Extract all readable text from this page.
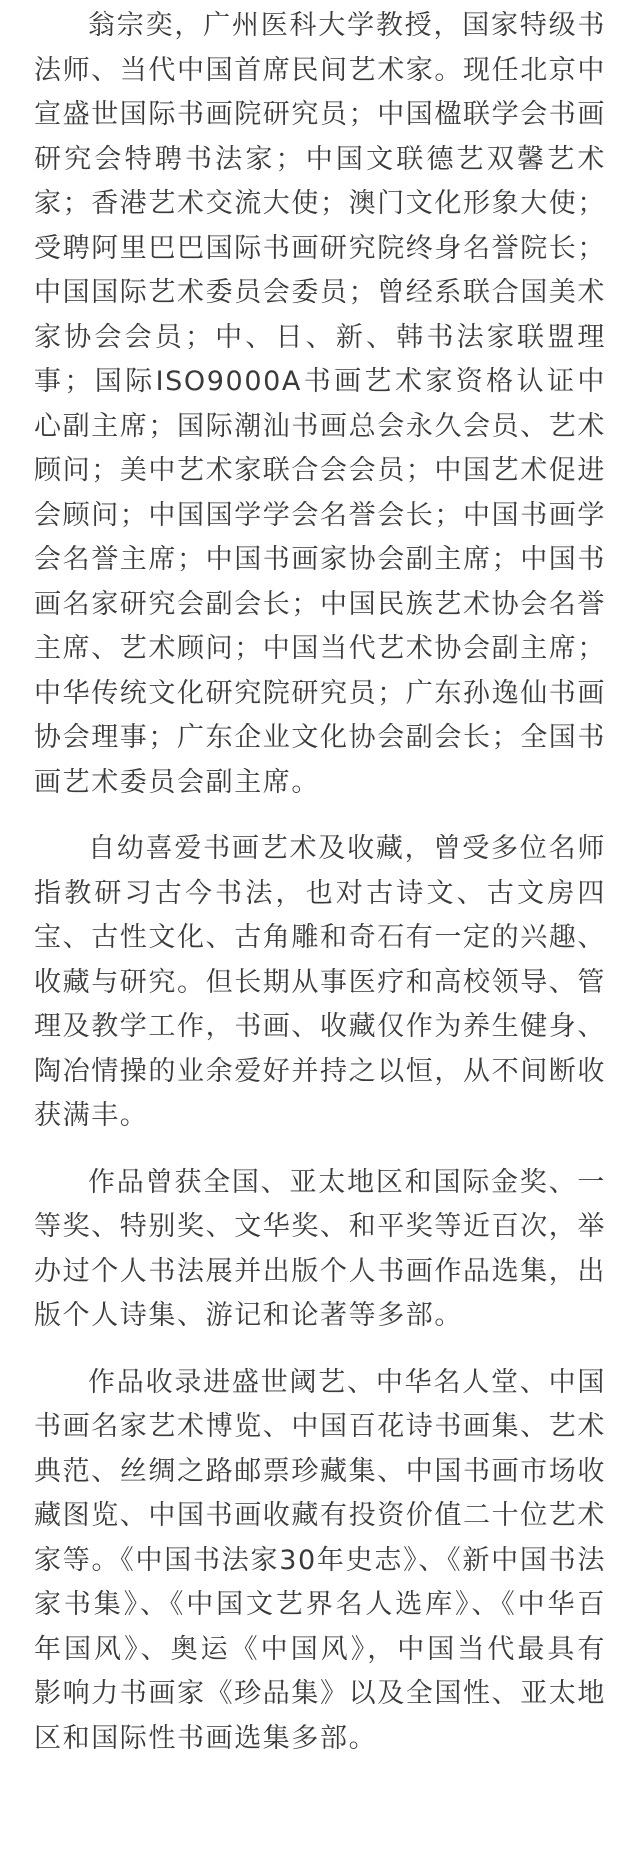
翁宗奕，广州医科大学教授，国家特级书法师、当代中国首席民间艺术家。现任北京中宣盛世国际书画院研究员；中国楹联学会书画研究会特聘书法家；中国文联德艺双馨艺术家；香港艺术交流大使；澳门文化形象大使；受聘阿里巴巴国际书画研究院终身名誉院长；中国国际艺术委员会委员；曾经系联合国美术家协会会员；中、日、新、韩书法家联盟理事；国际ISO9000A书画艺术家资格认证中心副主席；国际潮汕书画总会永久会员、艺术顾问；美中艺术家联合会会员；中国艺术促进会顾问；中国国学学会名誉会长；中国书画学会名誉主席；中国书画家协会副主席；中国书画名家研究会副会长；中国民族艺术协会名誉主席、艺术顾问；中国当代艺术协会副主席；中华传统文化研究院研究员；广东孙逸仙书画协会理事；广东企业文化协会副会长；全国书画艺术委员会副主席。

自幼喜爱书画艺术及收藏，曾受多位名师指教研习古今书法，也对古诗文、古文房四宝、古性文化、古角雕和奇石有一定的兴趣、收藏与研究。但长期从事医疗和高校领导、管理及教学工作，书画、收藏仅作为养生健身、陶冶情操的业余爱好并持之以恒，从不间断收获满丰。

作品曾获全国、亚太地区和国际金奖、一等奖、特别奖、文华奖、和平奖等近百次，举办过个人书法展并出版个人书画作品选集，出版个人诗集、游记和论著等多部。

作品收录进盛世阈艺、中华名人堂、中国书画名家艺术博览、中国百花诗书画集、艺术典范、丝绸之路邮票珍藏集、中国书画市场收藏图览、中国书画收藏有投资价值二十位艺术家等。《中国书法家30年史志》、《新中国书法家书集》、《中国文艺界名人选库》、《中华百年国风》、奥运《中国风》，中国当代最具有影响力书画家《珍品集》以及全国性、亚太地区和国际性书画选集多部。
